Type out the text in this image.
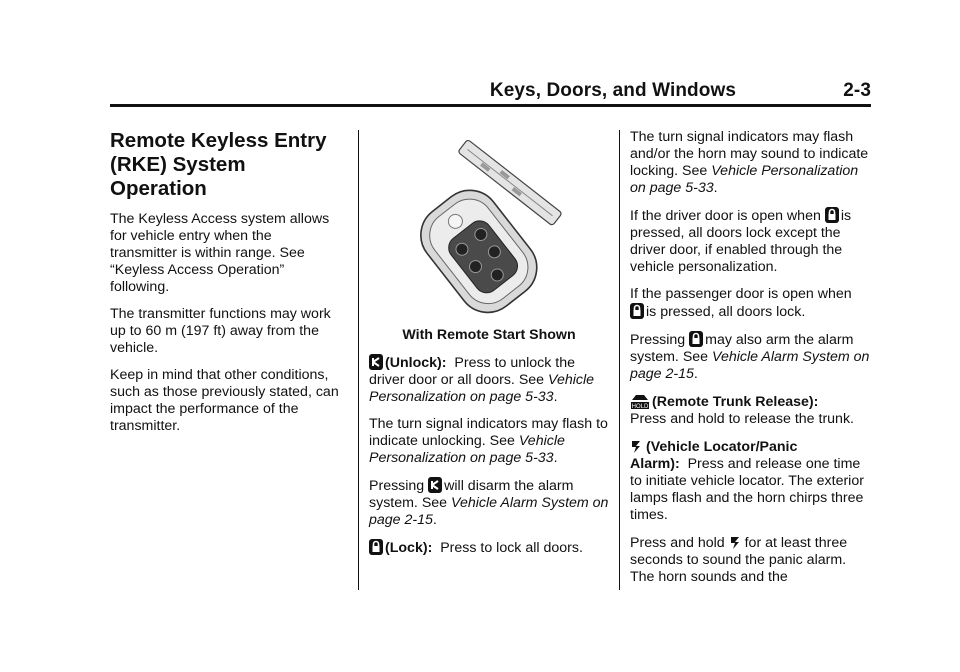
Keys, Doors, and Windows	2-3
Remote Keyless Entry
(RKE) System Operation

The Keyless Access system allows for vehicle entry when the transmitter is within range. See “Keyless Access Operation” following.

The transmitter functions may work up to 60 m (197 ft) away from the vehicle.

Keep in mind that other conditions, such as those previously stated, can impact the performance of the transmitter.

With Remote Start Shown

(Unlock): Press to unlock the driver door or all doors. See Vehicle Personalization on page 5-33.

The turn signal indicators may flash to indicate unlocking. See Vehicle Personalization on page 5-33.

Pressing will disarm the alarm system. See Vehicle Alarm System on page 2-15.

(Lock): Press to lock all doors.

The turn signal indicators may flash and/or the horn may sound to indicate locking. See Vehicle Personalization on page 5-33.

If the driver door is open when is pressed, all doors lock except the driver door, if enabled through the vehicle personalization.

If the passenger door is open when is pressed, all doors lock.

Pressing may also arm the alarm system. See Vehicle Alarm System on page 2-15.

HOLD (Remote Trunk Release):
Press and hold to release the trunk.

(Vehicle Locator/Panic Alarm): Press and release one time to initiate vehicle locator. The exterior lamps flash and the horn chirps three times.

Press and hold for at least three seconds to sound the panic alarm. The horn sounds and the
